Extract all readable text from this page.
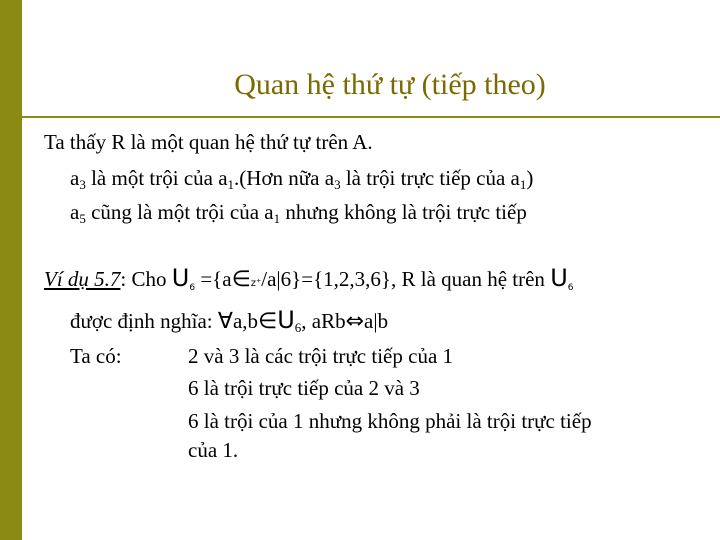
Quan hệ thứ tự (tiếp theo)
Ta thấy R là một quan hệ thứ tự trên A.
$a_3$ là một trội của $a_1.(Hơn$ nữa $a_3$ là trội trực tiếp của $a_1$)
$a_5$ cũng là một trội của $a_1$ nhưng không là trội trực tiếp
Ví dụ 5.7: Cho U6 ={a∈z⁺/a|6}={1,2,3,6}, R là quan hệ trên U6
được định nghĩa: $\forall a,b\in U_6$, aRb⇔a|b
Ta có:	2 và 3 là các trội trực tiếp của 1
6 là trội trực tiếp của 2 và 3
6 là trội của 1 nhưng không phải là trội trực tiếp
của 1.
